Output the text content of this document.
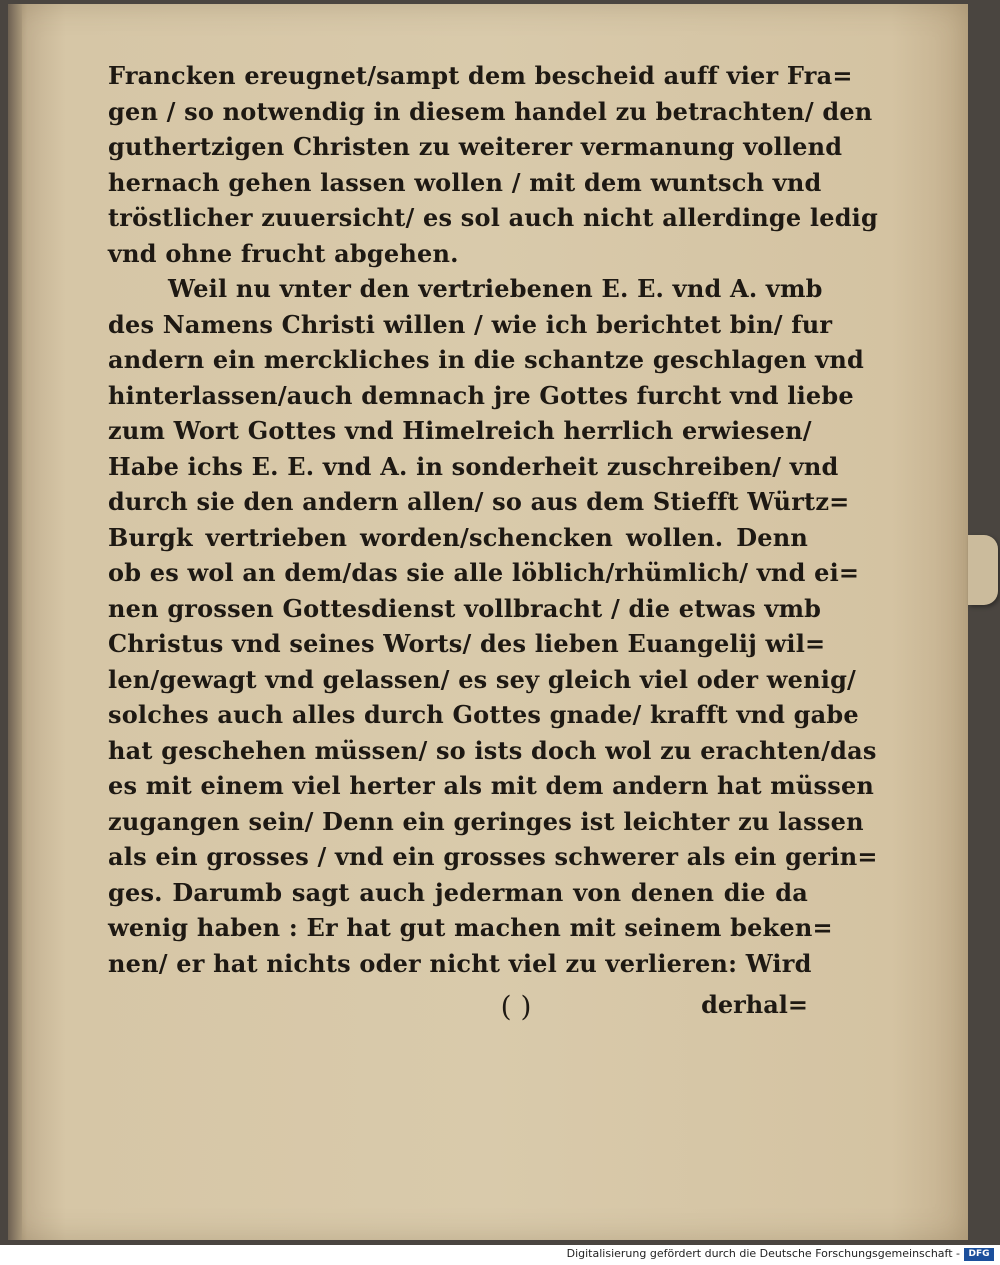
Francken ereugnet/sampt dem bescheid auff vier Fra=
gen / so notwendig in diesem handel zu betrachten/ den
guthertzigen Christen zu weiterer vermanung vollend
hernach gehen lassen wollen / mit dem wuntsch vnd
tröstlicher zuuersicht/ es sol auch nicht allerdinge ledig
vnd ohne frucht abgehen.
Weil nu vnter den vertriebenen E. E. vnd A. vmb
des Namens Christi willen / wie ich berichtet bin/ fur
andern ein merckliches in die schantze geschlagen vnd
hinterlassen/auch demnach jre Gottes furcht vnd liebe
zum Wort Gottes vnd Himelreich herrlich erwiesen/
Habe ichs E. E. vnd A. in sonderheit zuschreiben/ vnd
durch sie den andern allen/ so aus dem Stiefft Würtz=
Burgk vertrieben worden/schencken wollen. Denn
ob es wol an dem/das sie alle löblich/rhümlich/ vnd ei=
nen grossen Gottesdienst vollbracht / die etwas vmb
Christus vnd seines Worts/ des lieben Euangelij wil=
len/gewagt vnd gelassen/ es sey gleich viel oder wenig/
solches auch alles durch Gottes gnade/ krafft vnd gabe
hat geschehen müssen/ so ists doch wol zu erachten/das
es mit einem viel herter als mit dem andern hat müssen
zugangen sein/ Denn ein geringes ist leichter zu lassen
als ein grosses / vnd ein grosses schwerer als ein gerin=
ges. Darumb sagt auch jederman von denen die da
wenig haben : Er hat gut machen mit seinem beken=
nen/ er hat nichts oder nicht viel zu verlieren: Wird
( )	derhal=
Digitalisierung gefördert durch die Deutsche Forschungsgemeinschaft - DFG
